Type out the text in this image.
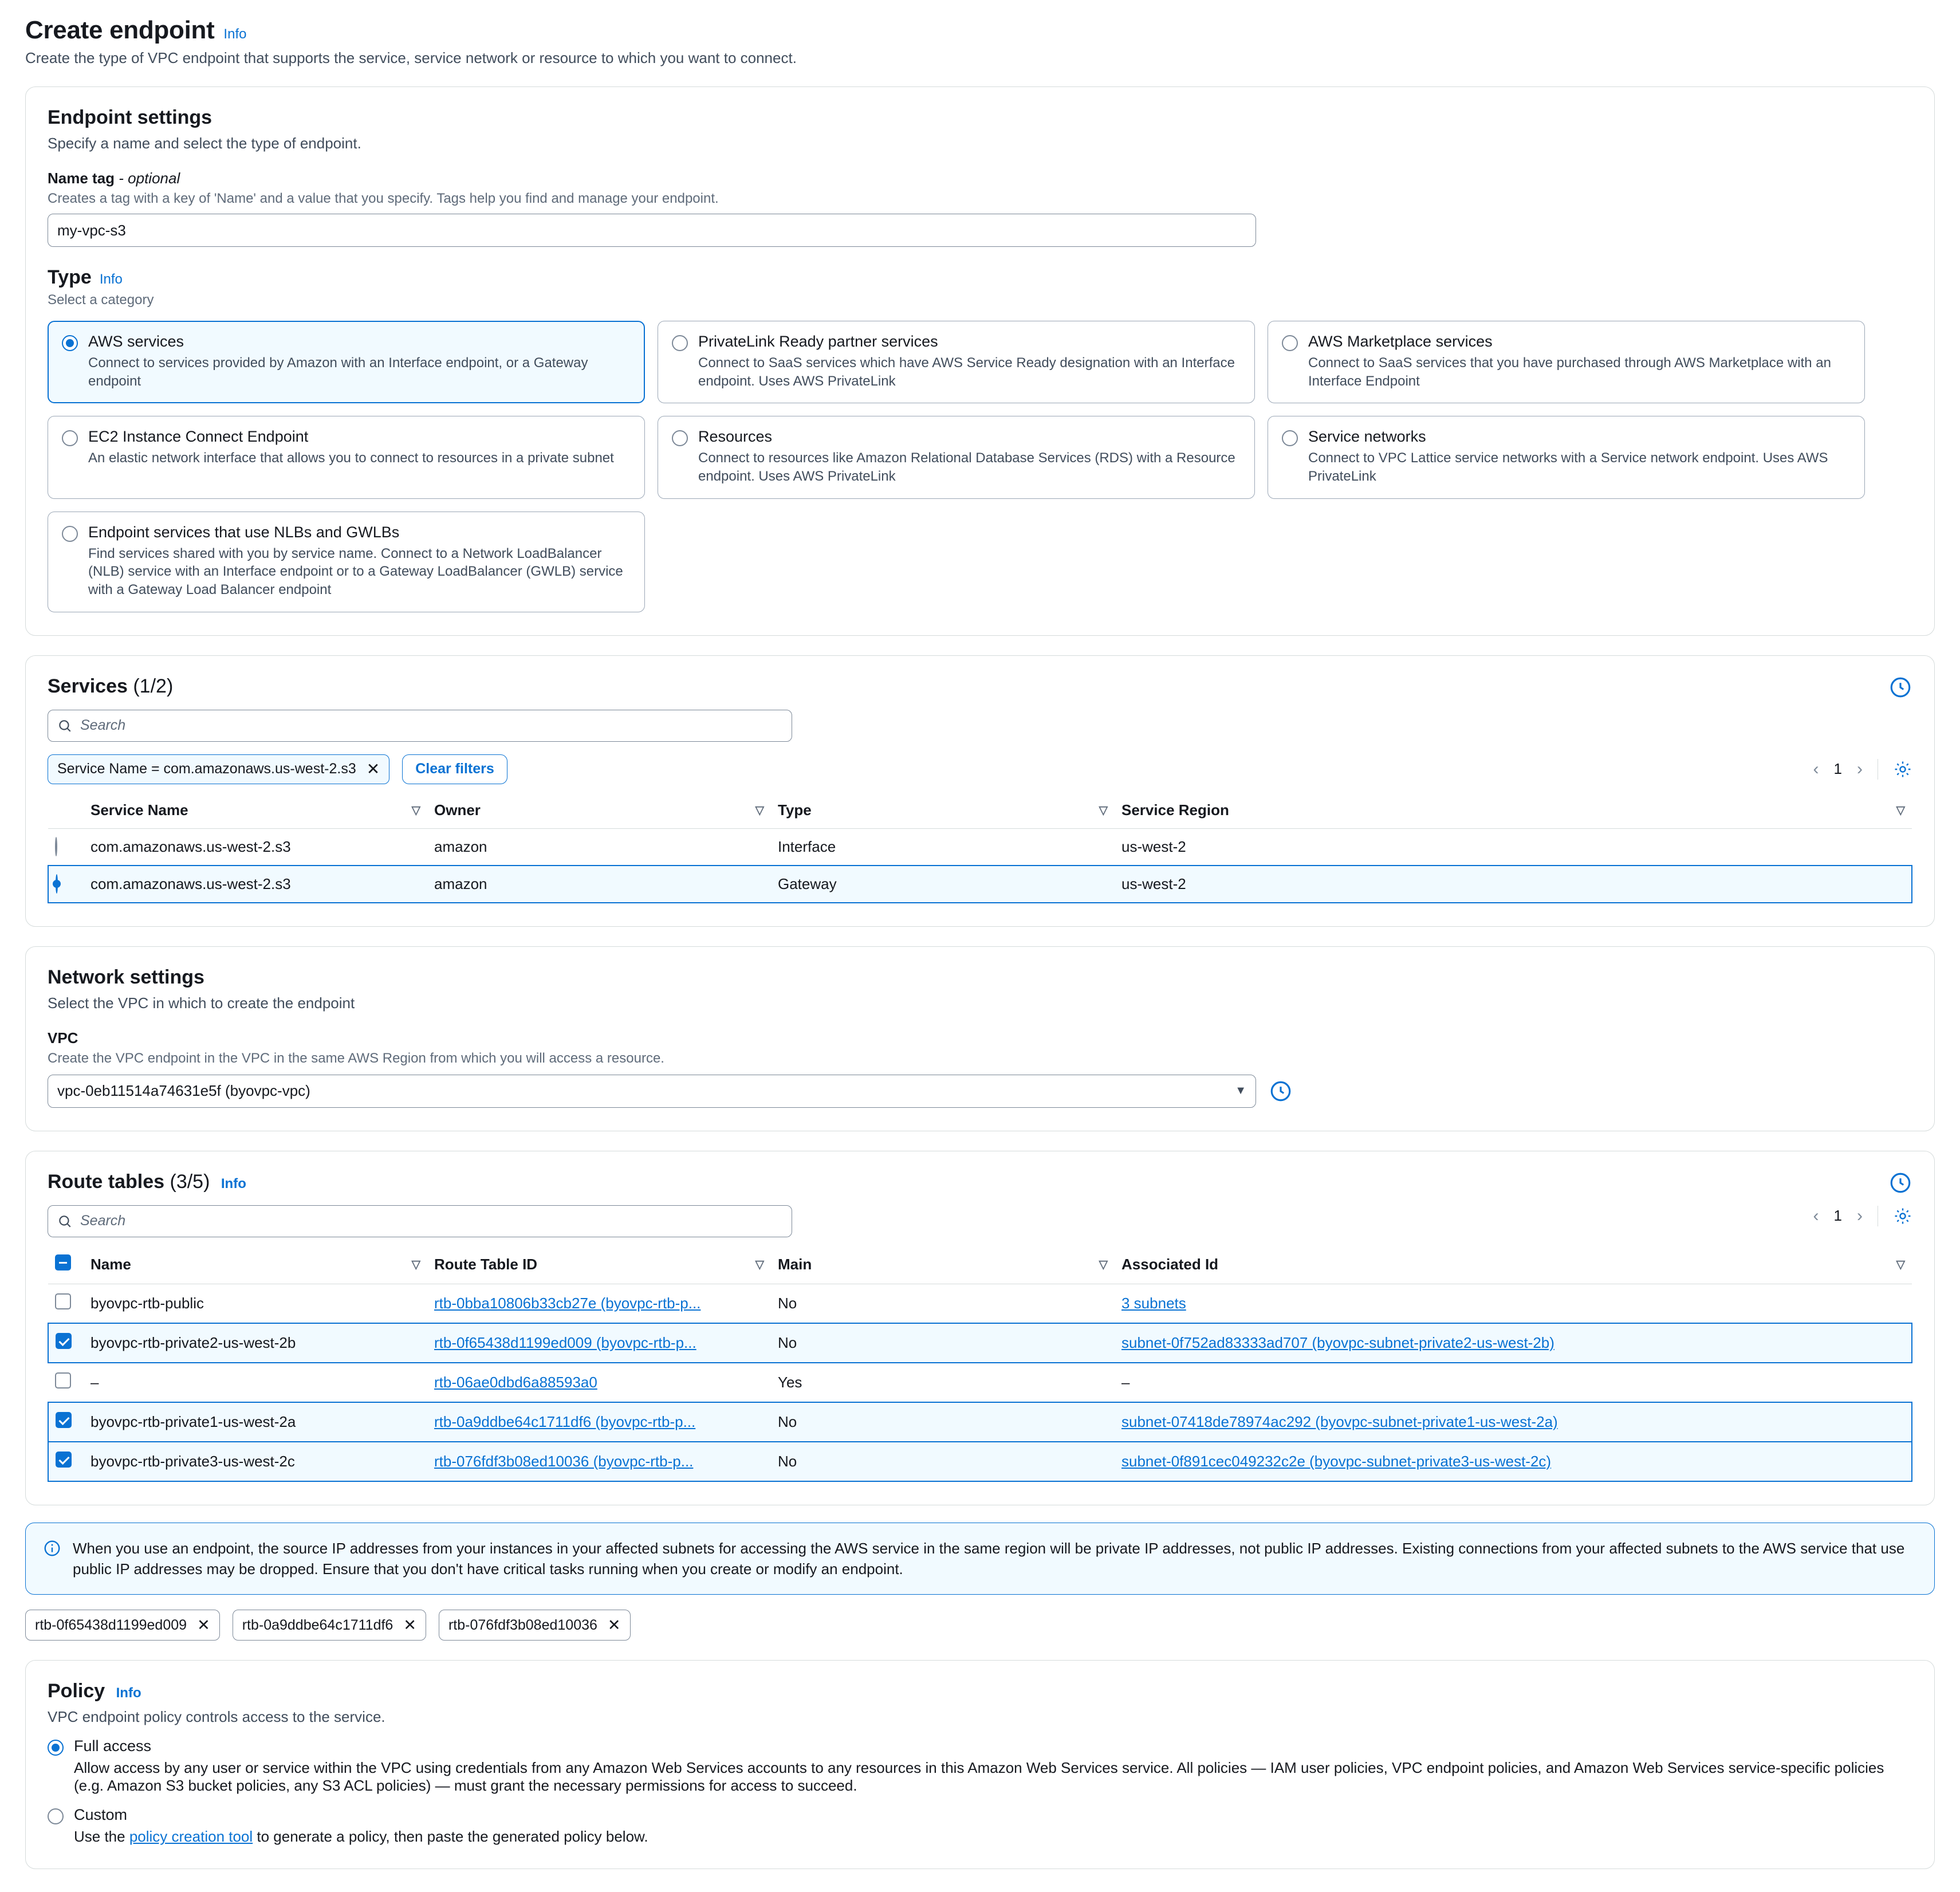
Create endpoint Info
Create the type of VPC endpoint that supports the service, service network or resource to which you want to connect.
Endpoint settings
Specify a name and select the type of endpoint.
Name tag - optional
Creates a tag with a key of 'Name' and a value that you specify. Tags help you find and manage your endpoint.
my-vpc-s3
Type Info
Select a category
AWS services
Connect to services provided by Amazon with an Interface endpoint, or a Gateway endpoint
PrivateLink Ready partner services
Connect to SaaS services which have AWS Service Ready designation with an Interface endpoint. Uses AWS PrivateLink
AWS Marketplace services
Connect to SaaS services that you have purchased through AWS Marketplace with an Interface Endpoint
EC2 Instance Connect Endpoint
An elastic network interface that allows you to connect to resources in a private subnet
Resources
Connect to resources like Amazon Relational Database Services (RDS) with a Resource endpoint. Uses AWS PrivateLink
Service networks
Connect to VPC Lattice service networks with a Service network endpoint. Uses AWS PrivateLink
Endpoint services that use NLBs and GWLBs
Find services shared with you by service name. Connect to a Network LoadBalancer (NLB) service with an Interface endpoint or to a Gateway LoadBalancer (GWLB) service with a Gateway Load Balancer endpoint
Services (1/2)
Search
Service Name = com.amazonaws.us-west-2.s3 ✕	Clear filters	‹ 1 ›

	Service Name ▽	Owner ▽	Type ▽	Service Region ▽

	com.amazonaws.us-west-2.s3	amazon	Interface	us-west-2
	com.amazonaws.us-west-2.s3	amazon	Gateway	us-west-2
Network settings
Select the VPC in which to create the endpoint
VPC
Create the VPC endpoint in the VPC in the same AWS Region from which you will access a resource.
vpc-0eb11514a74631e5f (byovpc-vpc)	▼
Route tables (3/5) Info
Search	‹ 1 ›

	Name ▽	Route Table ID ▽	Main ▽	Associated Id ▽

	byovpc-rtb-public	rtb-0bba10806b33cb27e (byovpc-rtb-p...	No	3 subnets
	byovpc-rtb-private2-us-west-2b	rtb-0f65438d1199ed009 (byovpc-rtb-p...	No	subnet-0f752ad83333ad707 (byovpc-subnet-private2-us-west-2b)
	–	rtb-06ae0dbd6a88593a0	Yes	–
	byovpc-rtb-private1-us-west-2a	rtb-0a9ddbe64c1711df6 (byovpc-rtb-p...	No	subnet-07418de78974ac292 (byovpc-subnet-private1-us-west-2a)
	byovpc-rtb-private3-us-west-2c	rtb-076fdf3b08ed10036 (byovpc-rtb-p...	No	subnet-0f891cec049232c2e (byovpc-subnet-private3-us-west-2c)
When you use an endpoint, the source IP addresses from your instances in your affected subnets for accessing the AWS service in the same region will be private IP addresses, not public IP addresses. Existing connections from your affected subnets to the AWS service that use public IP addresses may be dropped. Ensure that you don't have critical tasks running when you create or modify an endpoint.
rtb-0f65438d1199ed009 ✕ rtb-0a9ddbe64c1711df6 ✕ rtb-076fdf3b08ed10036 ✕
Policy Info
VPC endpoint policy controls access to the service.
Full access
Allow access by any user or service within the VPC using credentials from any Amazon Web Services accounts to any resources in this Amazon Web Services service. All policies — IAM user policies, VPC endpoint policies, and Amazon Web Services service-specific policies (e.g. Amazon S3 bucket policies, any S3 ACL policies) — must grant the necessary permissions for access to succeed.
Custom
Use the policy creation tool to generate a policy, then paste the generated policy below.
